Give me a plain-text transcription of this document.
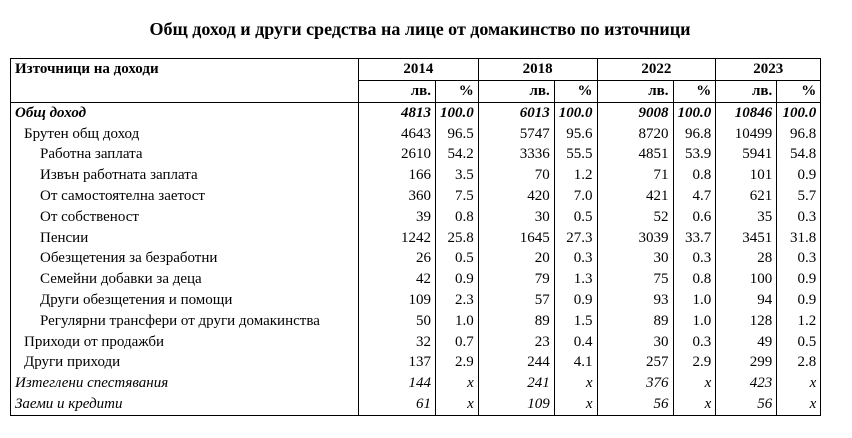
Общ доход и други средства на лице от домакинство по източници
Източници на доходи	2014		2018		2022		2023	
	лв.	%	лв.	%	лв.	%	лв.	%
Общ доход	4813	100.0	6013	100.0	9008	100.0	10846	100.0
Брутен общ доход	4643	96.5	5747	95.6	8720	96.8	10499	96.8
Работна заплата	2610	54.2	3336	55.5	4851	53.9	5941	54.8
Извън работната заплата	166	3.5	70	1.2	71	0.8	101	0.9
От самостоятелна заетост	360	7.5	420	7.0	421	4.7	621	5.7
От собственост	39	0.8	30	0.5	52	0.6	35	0.3
Пенсии	1242	25.8	1645	27.3	3039	33.7	3451	31.8
Обезщетения за безработни	26	0.5	20	0.3	30	0.3	28	0.3
Семейни добавки за деца	42	0.9	79	1.3	75	0.8	100	0.9
Други обезщетения и помощи	109	2.3	57	0.9	93	1.0	94	0.9
Регулярни трансфери от други домакинства	50	1.0	89	1.5	89	1.0	128	1.2
Приходи от продажби	32	0.7	23	0.4	30	0.3	49	0.5
Други приходи	137	2.9	244	4.1	257	2.9	299	2.8
Изтеглени спестявания	144	x	241	x	376	x	423	x
Заеми и кредити	61	x	109	x	56	x	56	x
